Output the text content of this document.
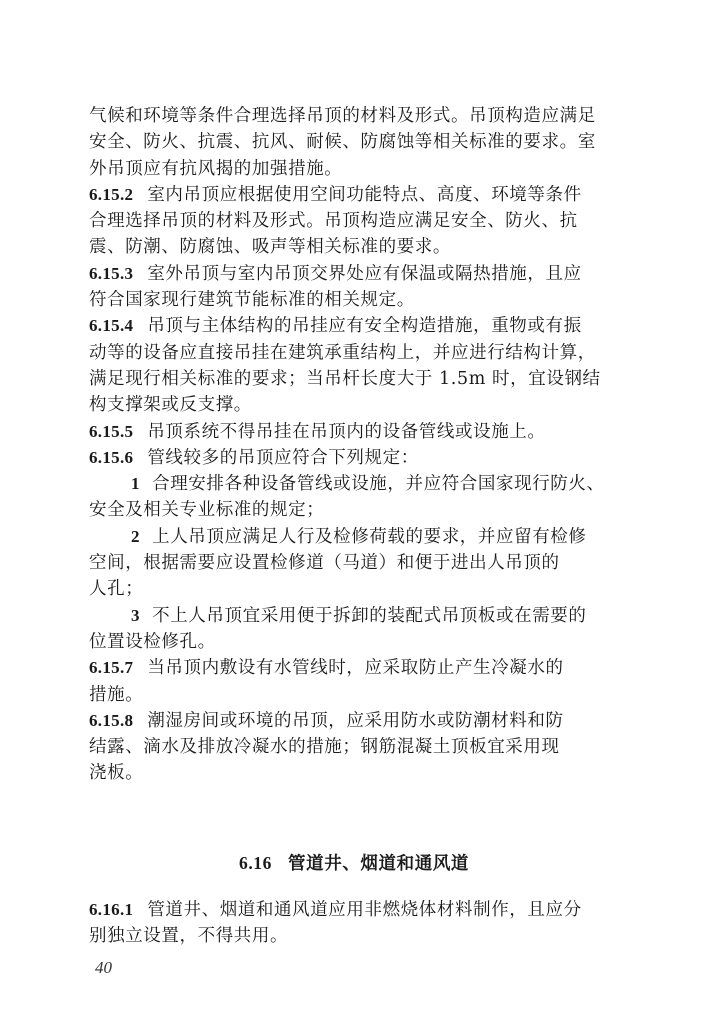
气候和环境等条件合理选择吊顶的材料及形式。吊顶构造应满足
安全、防火、抗震、抗风、耐候、防腐蚀等相关标准的要求。室
外吊顶应有抗风揭的加强措施。
6.15.2 室内吊顶应根据使用空间功能特点、高度、环境等条件
合理选择吊顶的材料及形式。吊顶构造应满足安全、防火、抗
震、防潮、防腐蚀、吸声等相关标准的要求。
6.15.3 室外吊顶与室内吊顶交界处应有保温或隔热措施，且应
符合国家现行建筑节能标准的相关规定。
6.15.4 吊顶与主体结构的吊挂应有安全构造措施，重物或有振
动等的设备应直接吊挂在建筑承重结构上，并应进行结构计算，
满足现行相关标准的要求；当吊杆长度大于 1.5m 时，宜设钢结
构支撑架或反支撑。
6.15.5 吊顶系统不得吊挂在吊顶内的设备管线或设施上。
6.15.6 管线较多的吊顶应符合下列规定：
1 合理安排各种设备管线或设施，并应符合国家现行防火、
安全及相关专业标准的规定；
2 上人吊顶应满足人行及检修荷载的要求，并应留有检修
空间，根据需要应设置检修道（马道）和便于进出人吊顶的
人孔；
3 不上人吊顶宜采用便于拆卸的装配式吊顶板或在需要的
位置设检修孔。
6.15.7 当吊顶内敷设有水管线时，应采取防止产生冷凝水的
措施。
6.15.8 潮湿房间或环境的吊顶，应采用防水或防潮材料和防
结露、滴水及排放冷凝水的措施；钢筋混凝土顶板宜采用现
浇板。
6.16 管道井、烟道和通风道
6.16.1 管道井、烟道和通风道应用非燃烧体材料制作，且应分
别独立设置，不得共用。
40
